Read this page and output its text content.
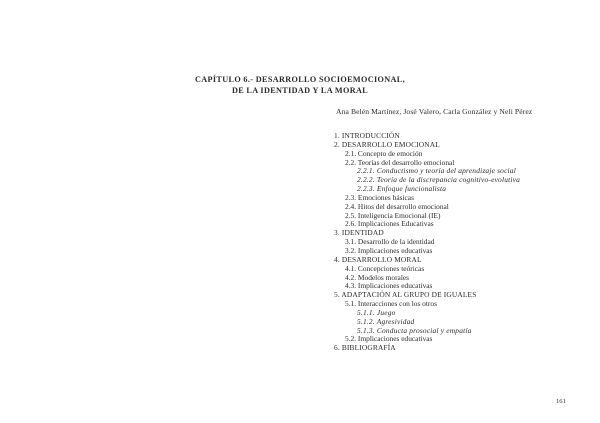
CAPÍTULO 6.- DESARROLLO SOCIOEMOCIONAL,
DE LA IDENTIDAD Y LA MORAL
Ana Belén Martínez, José Valero, Carla González y Neli Pérez
1. INTRODUCCIÓN
2. DESARROLLO EMOCIONAL
2.1. Concepto de emoción
2.2. Teorías del desarrollo emocional
2.2.1. Conductismo y teoría del aprendizaje social
2.2.2. Teoría de la discrepancia cognitivo-evolutiva
2.2.3. Enfoque funcionalista
2.3. Emociones básicas
2.4. Hitos del desarrollo emocional
2.5. Inteligencia Emocional (IE)
2.6. Implicaciones Educativas
3. IDENTIDAD
3.1. Desarrollo de la identidad
3.2. Implicaciones educativas
4. DESARROLLO MORAL
4.1. Concepciones teóricas
4.2. Modelos morales
4.3. Implicaciones educativas
5. ADAPTACIÓN AL GRUPO DE IGUALES
5.1. Interacciones con los otros
5.1.1. Juego
5.1.2. Agresividad
5.1.3. Conducta prosocial y empatía
5.2. Implicaciones educativas
6. BIBLIOGRAFÍA
161
